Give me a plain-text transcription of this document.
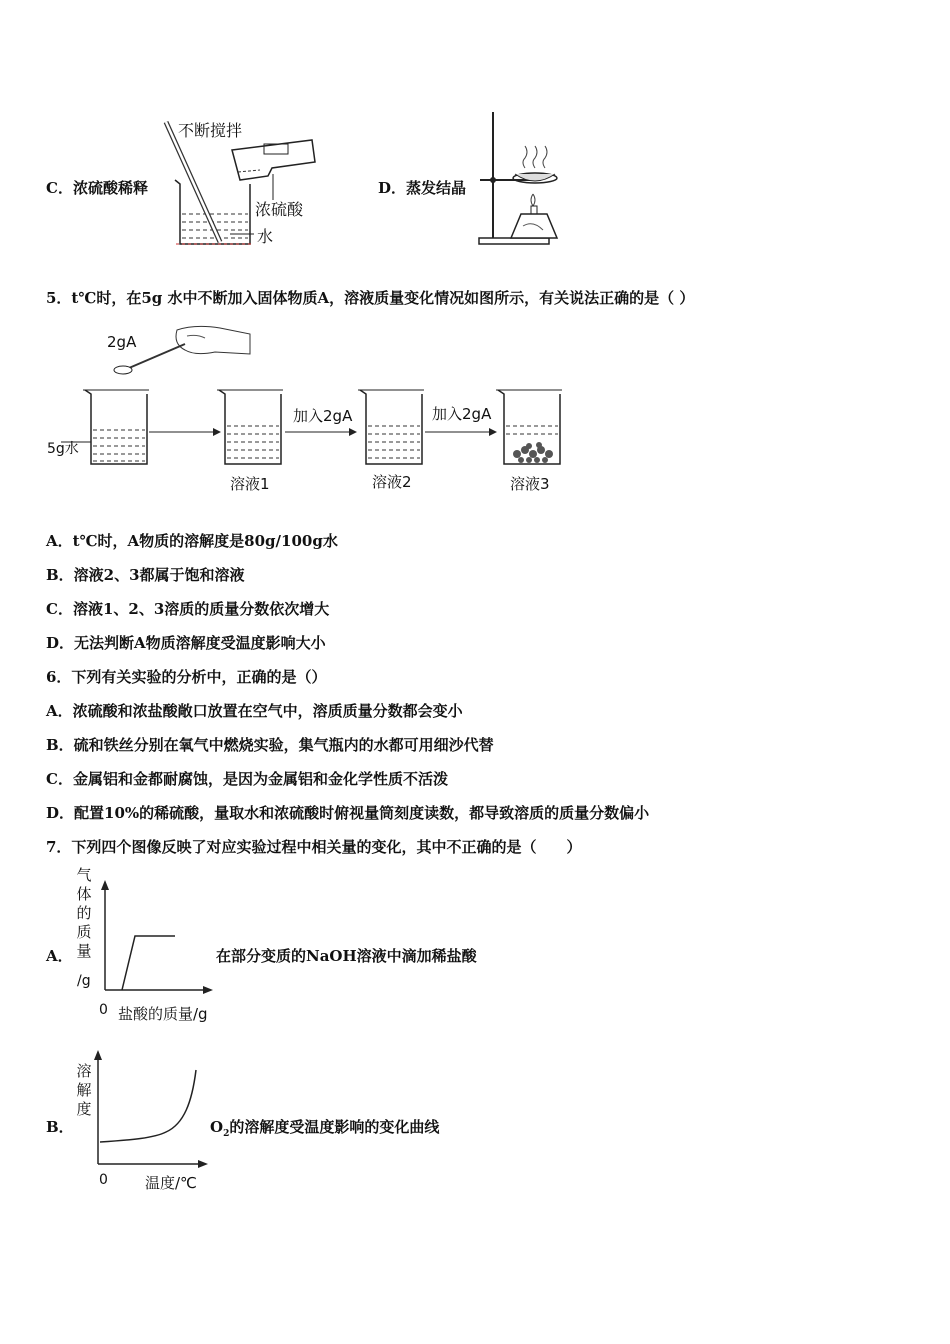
C．浓硫酸稀释
不断搅拌
浓硫酸
水
D．蒸发结晶
5．t℃时，在5g 水中不断加入固体物质A，溶液质量变化情况如图所示，有关说法正确的是（ ）
2gA
5g水
加入2gA	加入2gA
溶液1	溶液2	溶液3
A．t℃时，A物质的溶解度是80g/100g水
B．溶液2、3都属于饱和溶液
C．溶液1、2、3溶质的质量分数依次增大
D．无法判断A物质溶解度受温度影响大小
6．下列有关实验的分析中，正确的是（）
A．浓硫酸和浓盐酸敞口放置在空气中，溶质质量分数都会变小
B．硫和铁丝分别在氧气中燃烧实验，集气瓶内的水都可用细沙代替
C．金属铝和金都耐腐蚀，是因为金属铝和金化学性质不活泼
D．配置10%的稀硫酸，量取水和浓硫酸时俯视量筒刻度读数，都导致溶质的质量分数偏小
7．下列四个图像反映了对应实验过程中相关量的变化，其中不正确的是（　　）
A．
气
体
的
质
量
/g
0 盐酸的质量/g
在部分变质的NaOH溶液中滴加稀盐酸
B．
溶
解
度
0 温度/℃
$O_2$的溶解度受温度影响的变化曲线
